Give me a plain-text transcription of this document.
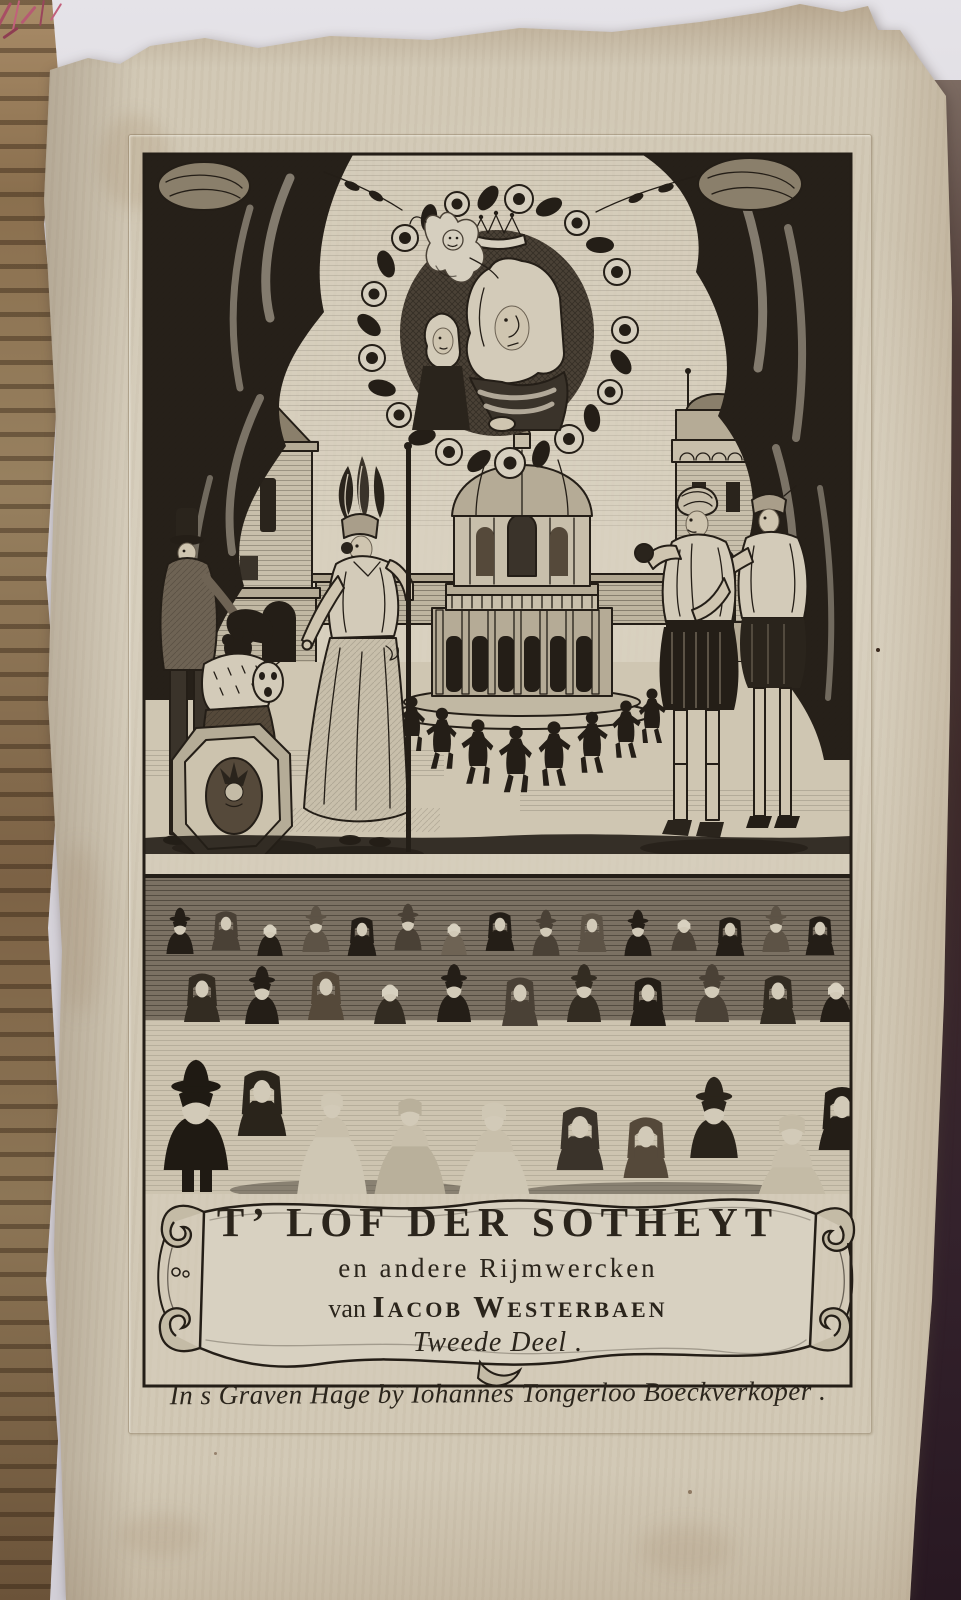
T’ LOF DER SOTHEYT
en andere Rijmwercken
van Iacob Westerbaen
Tweede Deel .
In s Graven Hage bÿ Iohannes Tongerloo Boeckverkoper .
